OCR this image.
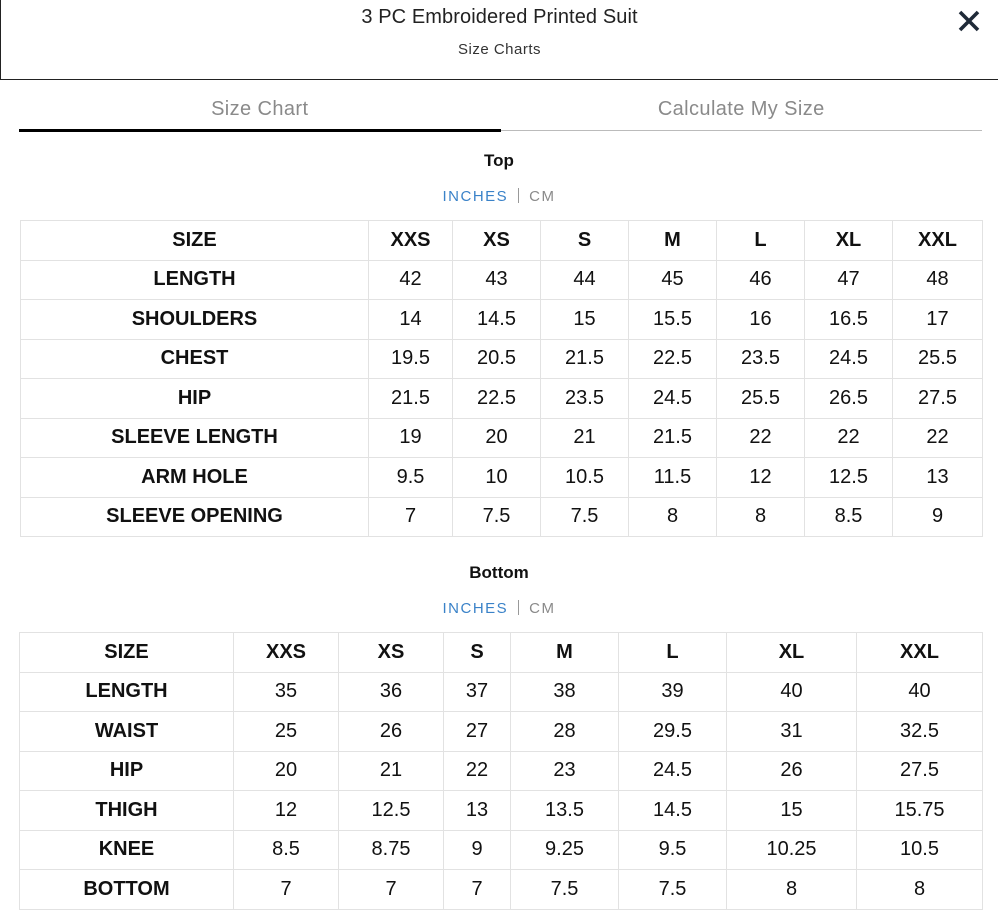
3 PC Embroidered Printed Suit
Size Charts
Size Chart	Calculate My Size
Top
INCHES CM
SIZE	XXS	XS	S	M	L	XL	XXL
LENGTH	42	43	44	45	46	47	48
SHOULDERS	14	14.5	15	15.5	16	16.5	17
CHEST	19.5	20.5	21.5	22.5	23.5	24.5	25.5
HIP	21.5	22.5	23.5	24.5	25.5	26.5	27.5
SLEEVE LENGTH	19	20	21	21.5	22	22	22
ARM HOLE	9.5	10	10.5	11.5	12	12.5	13
SLEEVE OPENING	7	7.5	7.5	8	8	8.5	9
Bottom
INCHES CM
SIZE	XXS	XS	S	M	L	XL	XXL
LENGTH	35	36	37	38	39	40	40
WAIST	25	26	27	28	29.5	31	32.5
HIP	20	21	22	23	24.5	26	27.5
THIGH	12	12.5	13	13.5	14.5	15	15.75
KNEE	8.5	8.75	9	9.25	9.5	10.25	10.5
BOTTOM	7	7	7	7.5	7.5	8	8
